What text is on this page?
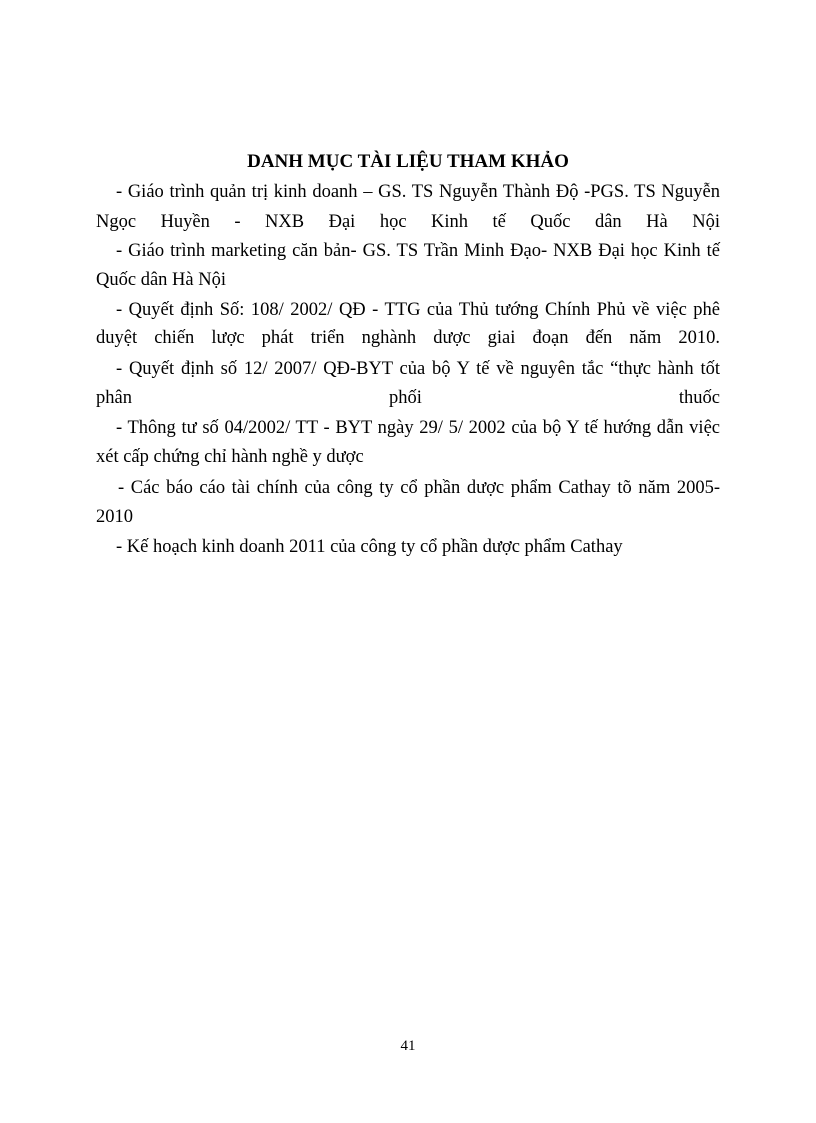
DANH MỤC TÀI LIỆU THAM KHẢO
- Giáo trình quản trị kinh doanh – GS. TS Nguyễn Thành Độ -PGS. TS Nguyễn
Ngọc Huyền - NXB Đại học Kinh tế Quốc dân Hà Nội
- Giáo trình marketing căn bản- GS. TS Trần Minh Đạo- NXB Đại học Kinh tế
Quốc dân Hà Nội
- Quyết định Số: 108/ 2002/ QĐ - TTG của Thủ tướng Chính Phủ về việc phê
duyệt chiến lược phát triển nghành dược giai đoạn đến năm 2010.
- Quyết định số 12/ 2007/ QĐ-BYT của bộ Y tế về nguyên tắc “thực hành tốt
phân phối thuốc
- Thông tư số 04/2002/ TT - BYT ngày 29/ 5/ 2002 của bộ Y tế hướng dẫn việc
xét cấp chứng chỉ hành nghề y dược
- Các báo cáo tài chính của công ty cổ phần dược phẩm Cathay tõ năm 2005-
2010
- Kế hoạch kinh doanh 2011 của công ty cổ phần dược phẩm Cathay
41
